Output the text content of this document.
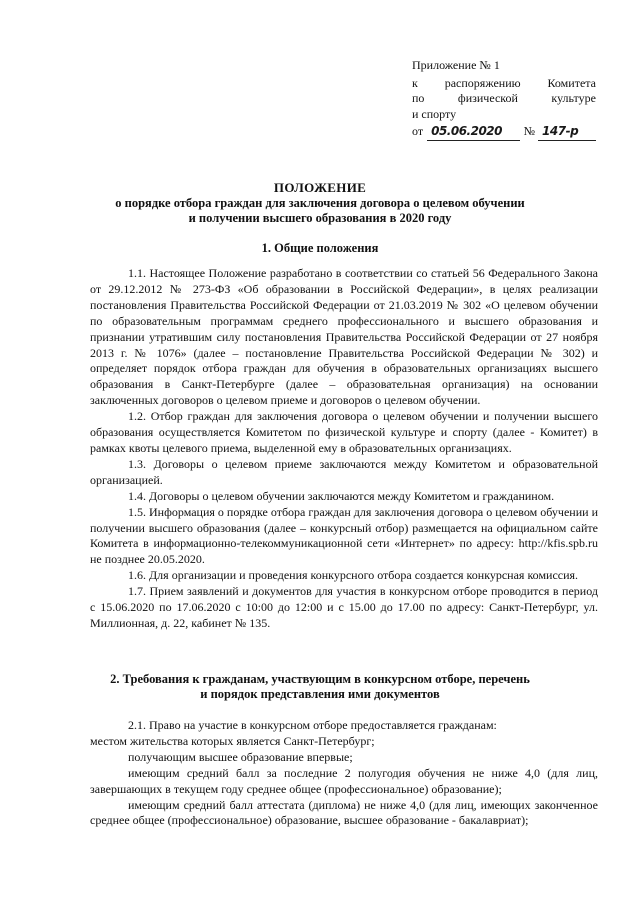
Приложение № 1
к распоряжению Комитета
по	физической	культуре
и спорту
от 05.06.2020	№ 147-р
ПОЛОЖЕНИЕ
о порядке отбора граждан для заключения договора о целевом обучении
и получении высшего образования в 2020 году
1. Общие положения

1.1. Настоящее Положение разработано в соответствии со статьей 56 Федерального Закона от 29.12.2012 № 273-ФЗ «Об образовании в Российской Федерации», в целях реализации постановления Правительства Российской Федерации от 21.03.2019 № 302 «О целевом обучении по образовательным программам среднего профессионального и высшего образования и признании утратившим силу постановления Правительства Российской Федерации от 27 ноября 2013 г. № 1076» (далее – постановление Правительства Российской Федерации № 302) и определяет порядок отбора граждан для обучения в образовательных организациях высшего образования в Санкт-Петербурге (далее – образовательная организация) на основании заключенных договоров о целевом приеме и договоров о целевом обучении.

1.2. Отбор граждан для заключения договора о целевом обучении и получении высшего образования осуществляется Комитетом по физической культуре и спорту (далее - Комитет) в рамках квоты целевого приема, выделенной ему в образовательных организациях.

1.3. Договоры о целевом приеме заключаются между Комитетом и образовательной организацией.

1.4. Договоры о целевом обучении заключаются между Комитетом и гражданином.

1.5. Информация о порядке отбора граждан для заключения договора о целевом обучении и получении высшего образования (далее – конкурсный отбор) размещается на официальном сайте Комитета в информационно-телекоммуникационной сети «Интернет» по адресу: http://kfis.spb.ru не позднее 20.05.2020.

1.6. Для организации и проведения конкурсного отбора создается конкурсная комиссия.

1.7. Прием заявлений и документов для участия в конкурсном отборе проводится в период с 15.06.2020 по 17.06.2020 с 10:00 до 12:00 и с 15.00 до 17.00 по адресу: Санкт-Петербург, ул. Миллионная, д. 22, кабинет № 135.

2. Требования к гражданам, участвующим в конкурсном отборе, перечень
и порядок представления ими документов

2.1. Право на участие в конкурсном отборе предоставляется гражданам:

местом жительства которых является Санкт-Петербург;

получающим высшее образование впервые;

имеющим средний балл за последние 2 полугодия обучения не ниже 4,0 (для лиц, завершающих в текущем году среднее общее (профессиональное) образование);

имеющим средний балл аттестата (диплома) не ниже 4,0 (для лиц, имеющих законченное среднее общее (профессиональное) образование, высшее образование - бакалавриат);
